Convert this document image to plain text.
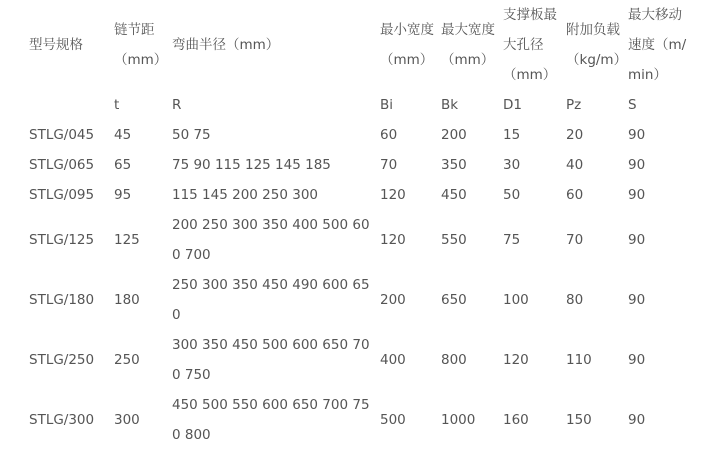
型号规格	链节距（mm）	弯曲半径（mm）	最小宽度（mm）	最大宽度（mm）	支撑板最大孔径（mm）	附加负载（kg/m）	最大移动速度（m/min）

	t	R	Bi	Bk	D1	Pz	S
STLG/045	45	50 75	60	200	15	20	90
STLG/065	65	75 90 115 125 145 185	70	350	30	40	90
STLG/095	95	115 145 200 250 300	120	450	50	60	90
STLG/125	125	200 250 300 350 400 500 600 700	120	550	75	70	90
STLG/180	180	250 300 350 450 490 600 650	200	650	100	80	90
STLG/250	250	300 350 450 500 600 650 700 750	400	800	120	110	90
STLG/300	300	450 500 550 600 650 700 750 800	500	1000	160	150	90
